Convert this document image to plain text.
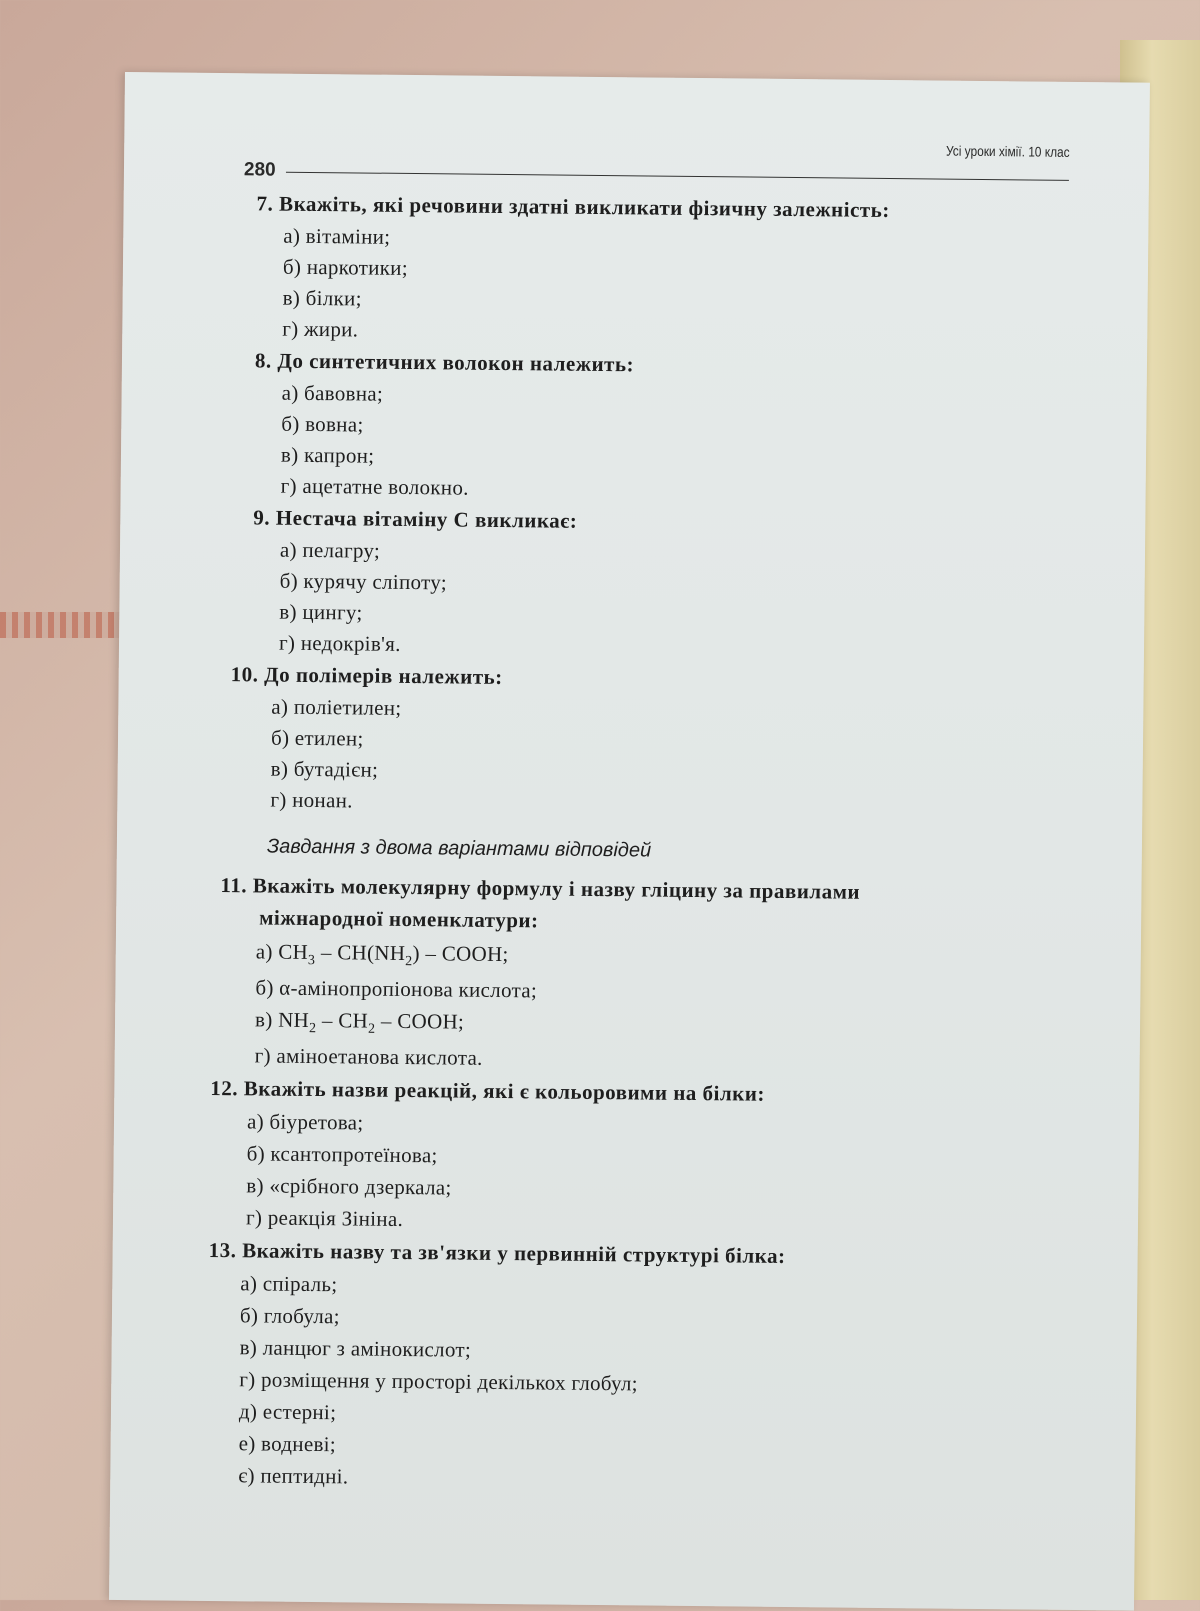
280
Усі уроки хімії. 10 клас
7. Вкажіть, які речовини здатні викликати фізичну залежність:
а) вітаміни;
б) наркотики;
в) білки;
г) жири.
8. До синтетичних волокон належить:
а) бавовна;
б) вовна;
в) капрон;
г) ацетатне волокно.
9. Нестача вітаміну С викликає:
а) пелагру;
б) курячу сліпоту;
в) цингу;
г) недокрів'я.
10. До полімерів належить:
а) поліетилен;
б) етилен;
в) бутадієн;
г) нонан.
Завдання з двома варіантами відповідей
11. Вкажіть молекулярну формулу і назву гліцину за правилами
міжнародної номенклатури:
а) $CH_3 - CH(NH_2)$ – COOH;
б) α-амінопропіонова кислота;
в) $NH_2 - CH_2$ – COOH;
г) аміноетанова кислота.
12. Вкажіть назви реакцій, які є кольоровими на білки:
а) біуретова;
б) ксантопротеїнова;
в) «срібного дзеркала;
г) реакція Зініна.
13. Вкажіть назву та зв'язки у первинній структурі білка:
а) спіраль;
б) глобула;
в) ланцюг з амінокислот;
г) розміщення у просторі декількох глобул;
д) естерні;
е) водневі;
є) пептидні.
